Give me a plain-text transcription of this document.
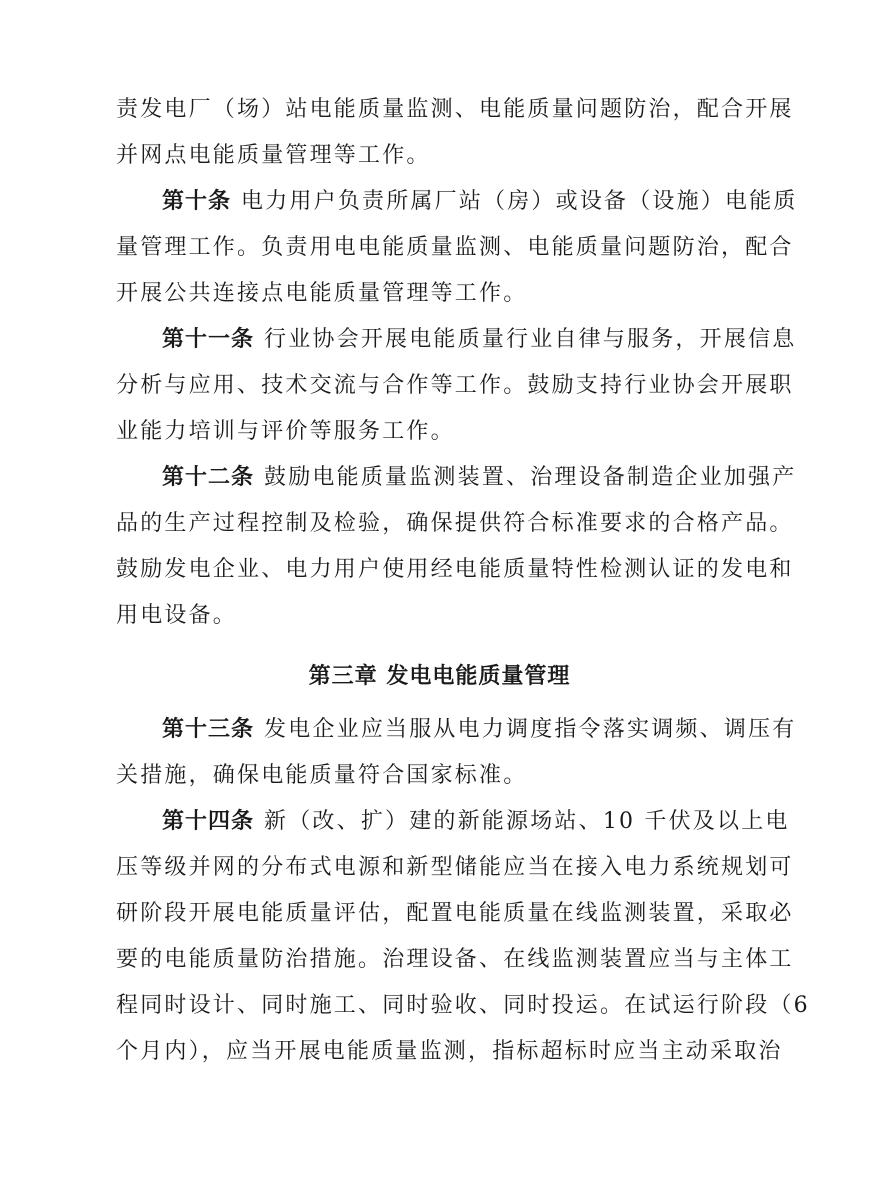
责发电厂（场）站电能质量监测、电能质量问题防治，配合开展
并网点电能质量管理等工作。
第十条 电力用户负责所属厂站（房）或设备（设施）电能质
量管理工作。负责用电电能质量监测、电能质量问题防治，配合
开展公共连接点电能质量管理等工作。
第十一条 行业协会开展电能质量行业自律与服务，开展信息
分析与应用、技术交流与合作等工作。鼓励支持行业协会开展职
业能力培训与评价等服务工作。
第十二条 鼓励电能质量监测装置、治理设备制造企业加强产
品的生产过程控制及检验，确保提供符合标准要求的合格产品。
鼓励发电企业、电力用户使用经电能质量特性检测认证的发电和
用电设备。
第三章 发电电能质量管理
第十三条 发电企业应当服从电力调度指令落实调频、调压有
关措施，确保电能质量符合国家标准。
第十四条 新（改、扩）建的新能源场站、10 千伏及以上电
压等级并网的分布式电源和新型储能应当在接入电力系统规划可
研阶段开展电能质量评估，配置电能质量在线监测装置，采取必
要的电能质量防治措施。治理设备、在线监测装置应当与主体工
程同时设计、同时施工、同时验收、同时投运。在试运行阶段（6
个月内），应当开展电能质量监测，指标超标时应当主动采取治
